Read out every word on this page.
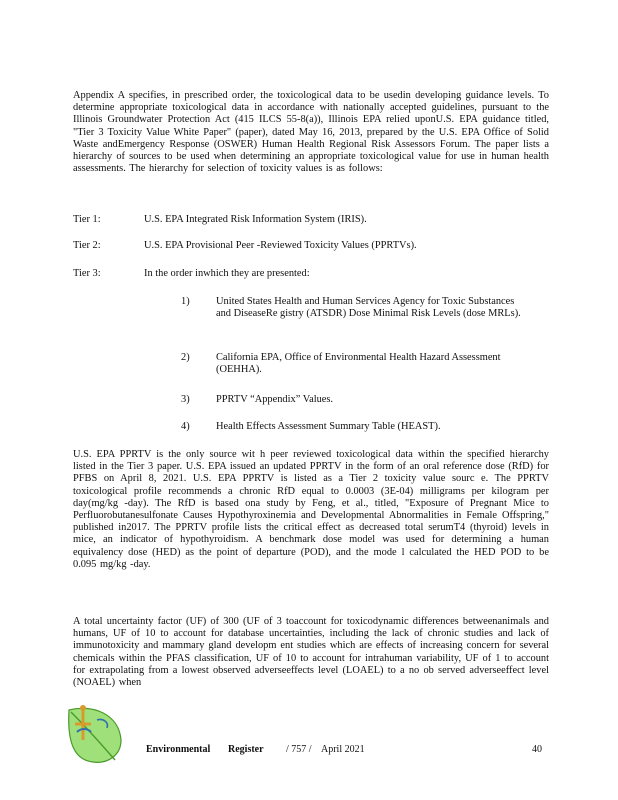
Appendix A specifies, in prescribed order, the toxicological data to be usedin developing guidance levels. To determine appropriate toxicological data in accordance with nationally accepted guidelines, pursuant to the Illinois Groundwater Protection Act (415 ILCS 55-8(a)), Illinois EPA relied uponU.S. EPA guidance titled, "Tier 3 Toxicity Value White Paper" (paper), dated May 16, 2013, prepared by the U.S. EPA Office of Solid Waste andEmergency Response (OSWER) Human Health Regional Risk Assessors Forum. The paper lists a hierarchy of sources to be used when determining an appropriate toxicological value for use in human health assessments. The hierarchy for selection of toxicity values is as follows:

Tier 1:	U.S. EPA Integrated Risk Information System (IRIS).
Tier 2:	U.S. EPA Provisional Peer -Reviewed Toxicity Values (PPRTVs).
Tier 3:	In the order inwhich they are presented:
1)	United States Health and Human Services Agency for Toxic Substances and DiseaseRe gistry (ATSDR) Dose Minimal Risk Levels (dose MRLs).
2)	California EPA, Office of Environmental Health Hazard Assessment (OEHHA).
3)	PPRTV “Appendix” Values.
4)	Health Effects Assessment Summary Table (HEAST).

U.S. EPA PPRTV is the only source wit h peer reviewed toxicological data within the specified hierarchy listed in the Tier 3 paper. U.S. EPA issued an updated PPRTV in the form of an oral reference dose (RfD) for PFBS on April 8, 2021. U.S. EPA PPRTV is listed as a Tier 2 toxicity value sourc e. The PPRTV toxicological profile recommends a chronic RfD equal to 0.0003 (3E-04) milligrams per kilogram per day(mg/kg -day). The RfD is based ona study by Feng, et al., titled, "Exposure of Pregnant Mice to Perfluorobutanesulfonate Causes Hypothyroxinemia and Developmental Abnormalities in Female Offspring," published in2017. The PPRTV profile lists the critical effect as decreased total serumT4 (thyroid) levels in mice, an indicator of hypothyroidism. A benchmark dose model was used for determining a human equivalency dose (HED) as the point of departure (POD), and the mode l calculated the HED POD to be 0.095 mg/kg -day.

A total uncertainty factor (UF) of 300 (UF of 3 toaccount for toxicodynamic differences betweenanimals and humans, UF of 10 to account for database uncertainties, including the lack of chronic studies and lack of immunotoxicity and mammary gland developm ent studies which are effects of increasing concern for several chemicals within the PFAS classification, UF of 10 to account for intrahuman variability, UF of 1 to account for extrapolating from a lowest observed adverseeffects level (LOAEL) to a no ob served adverseeffect level (NOAEL) when

Environmental Register / 757 / April 2021	40
